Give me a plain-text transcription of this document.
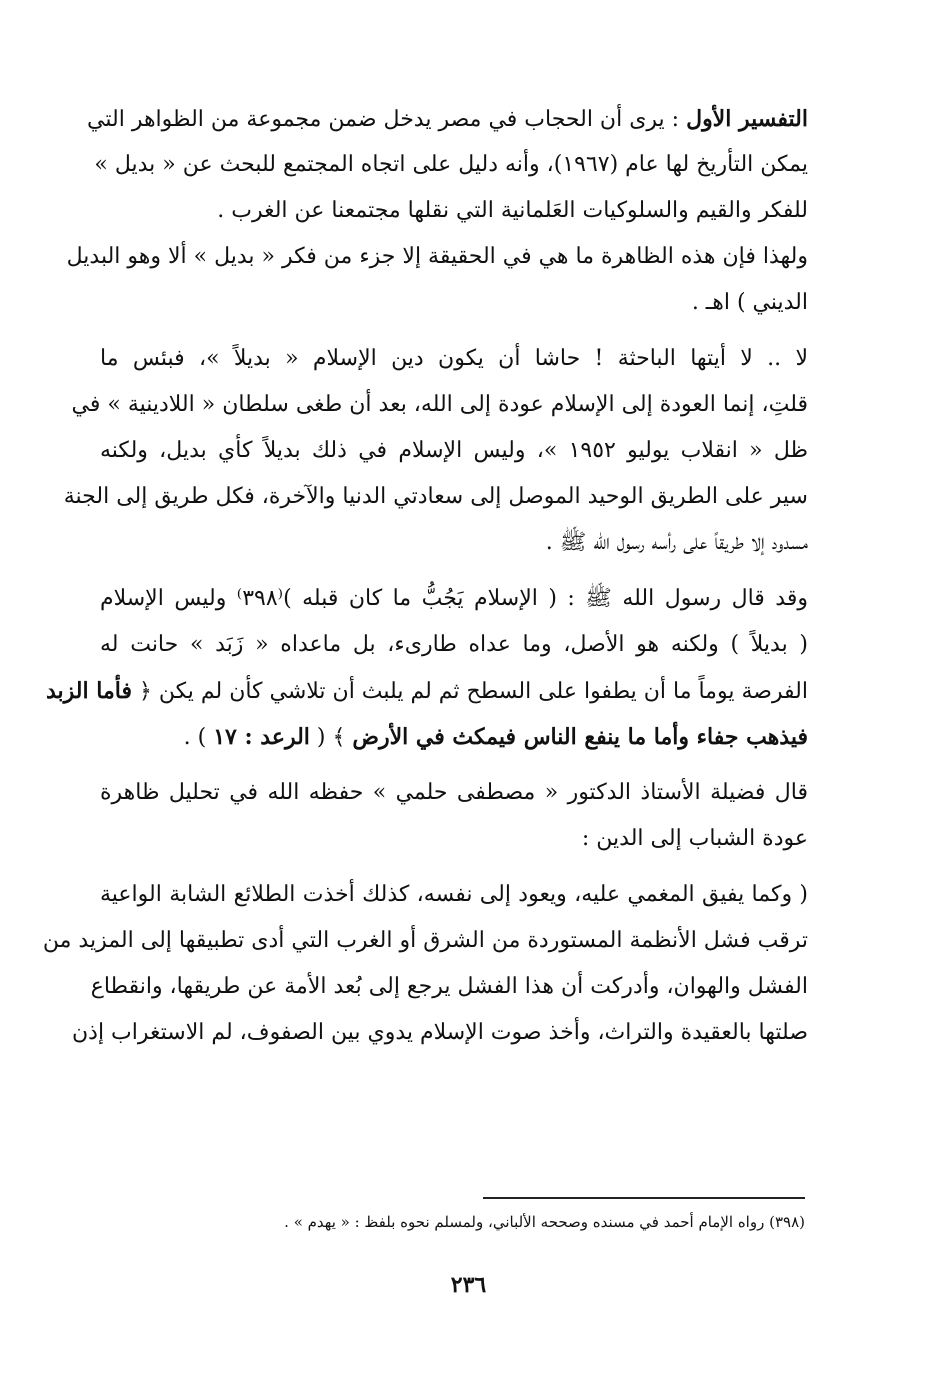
التفسير الأول : يرى أن الحجاب في مصر يدخل ضمن مجموعة من الظواهر التي
يمكن التأريخ لها عام (١٩٦٧)، وأنه دليل على اتجاه المجتمع للبحث عن « بديل »
للفكر والقيم والسلوكيات العَلمانية التي نقلها مجتمعنا عن الغرب .
ولهذا فإن هذه الظاهرة ما هي في الحقيقة إلا جزء من فكر « بديل » ألا وهو البديل
الديني ) اهـ .
لا .. لا أيتها الباحثة ! حاشا أن يكون دين الإسلام « بديلاً »، فبئس ما
قلتِ، إنما العودة إلى الإسلام عودة إلى الله، بعد أن طغى سلطان « اللادينية » في
ظل « انقلاب يوليو ١٩٥٢ »، وليس الإسلام في ذلك بديلاً كأي بديل، ولكنه
سير على الطريق الوحيد الموصل إلى سعادتي الدنيا والآخرة، فكل طريق إلى الجنة
مسدود إلا طريقاً على رأسه رسول الله ﷺ .
وقد قال رسول الله ﷺ : ( الإسلام يَجُبُّ ما كان قبله )⁽٣٩٨⁾ وليس الإسلام
( بديلاً ) ولكنه هو الأصل، وما عداه طارىء، بل ماعداه « زَبَد » حانت له
الفرصة يوماً ما أن يطفوا على السطح ثم لم يلبث أن تلاشي كأن لم يكن ﴿ فأما الزبد
فيذهب جفاء وأما ما ينفع الناس فيمكث في الأرض ﴾ ( الرعد : ١٧ ) .
قال فضيلة الأستاذ الدكتور « مصطفى حلمي » حفظه الله في تحليل ظاهرة
عودة الشباب إلى الدين :
( وكما يفيق المغمي عليه، ويعود إلى نفسه، كذلك أخذت الطلائع الشابة الواعية
ترقب فشل الأنظمة المستوردة من الشرق أو الغرب التي أدى تطبيقها إلى المزيد من
الفشل والهوان، وأدركت أن هذا الفشل يرجع إلى بُعد الأمة عن طريقها، وانقطاع
صلتها بالعقيدة والتراث، وأخذ صوت الإسلام يدوي بين الصفوف، لم الاستغراب إذن
(٣٩٨) رواه الإمام أحمد في مسنده وصححه الألباني، ولمسلم نحوه بلفظ : « يهدم » .
٢٣٦
